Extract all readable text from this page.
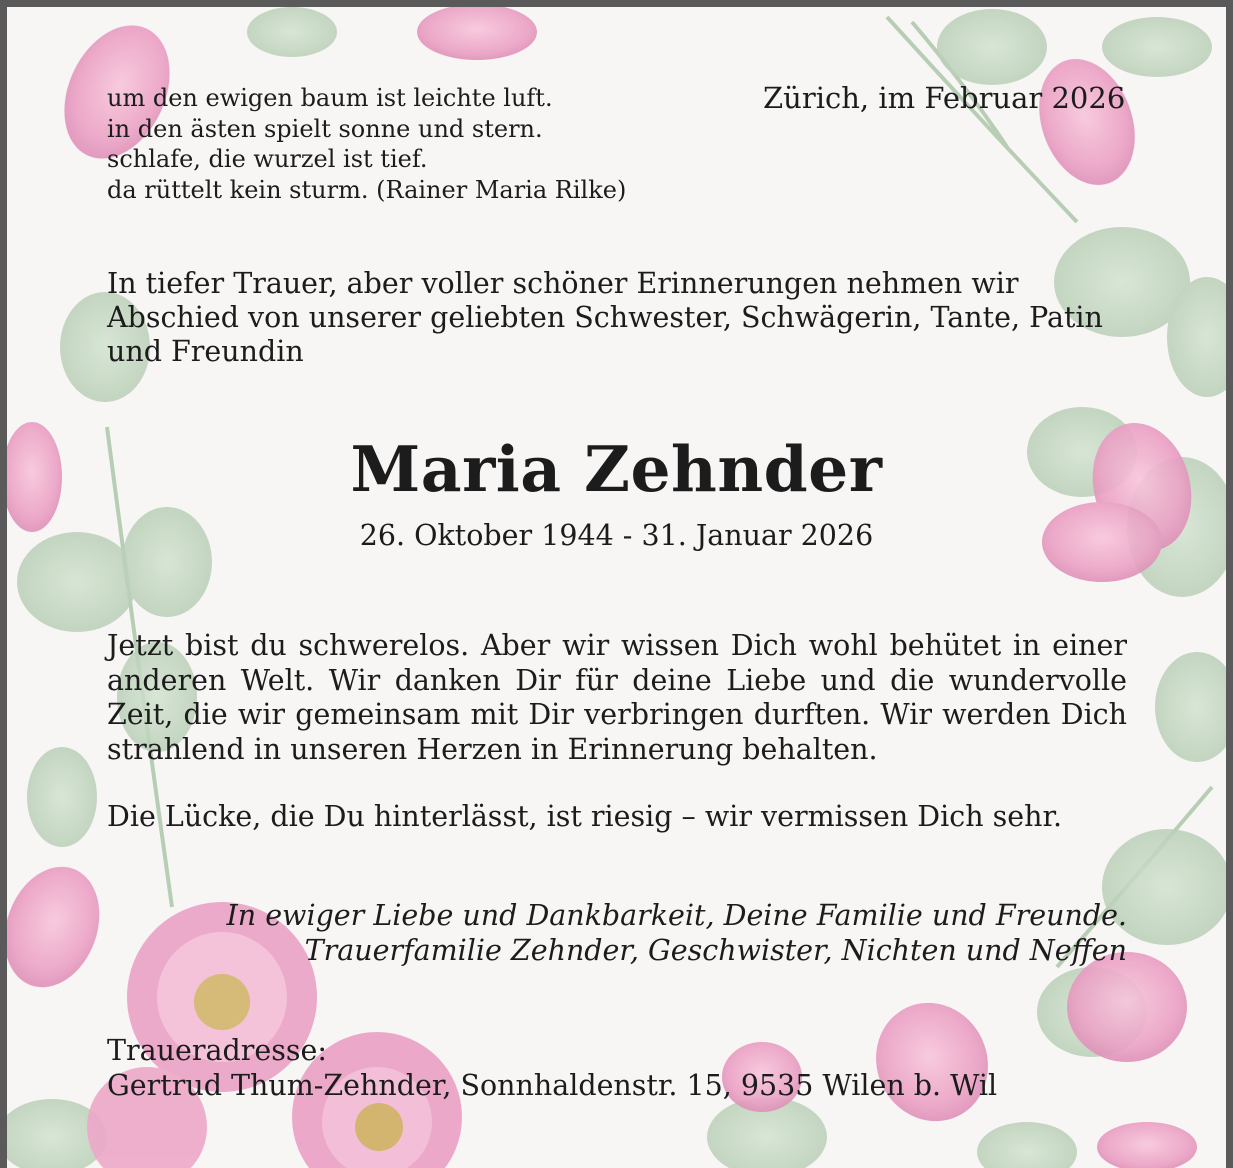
um den ewigen baum ist leichte luft.
in den ästen spielt sonne und stern.
schlafe, die wurzel ist tief.
da rüttelt kein sturm. (Rainer Maria Rilke)
Zürich, im Februar 2026
In tiefer Trauer, aber voller schöner Erinnerungen nehmen wir
Abschied von unserer geliebten Schwester, Schwägerin, Tante, Patin
und Freundin
Maria Zehnder
26. Oktober 1944 - 31. Januar 2026

Jetzt bist du schwerelos. Aber wir wissen Dich wohl behütet in einer anderen Welt. Wir danken Dir für deine Liebe und die wundervolle Zeit, die wir gemeinsam mit Dir verbringen durften. Wir werden Dich strahlend in unseren Herzen in Erinnerung behalten.

Die Lücke, die Du hinterlässt, ist riesig – wir vermissen Dich sehr.

In ewiger Liebe und Dankbarkeit, Deine Familie und Freunde.
Trauerfamilie Zehnder, Geschwister, Nichten und Neffen
Traueradresse:
Gertrud Thum-Zehnder, Sonnhaldenstr. 15, 9535 Wilen b. Wil
